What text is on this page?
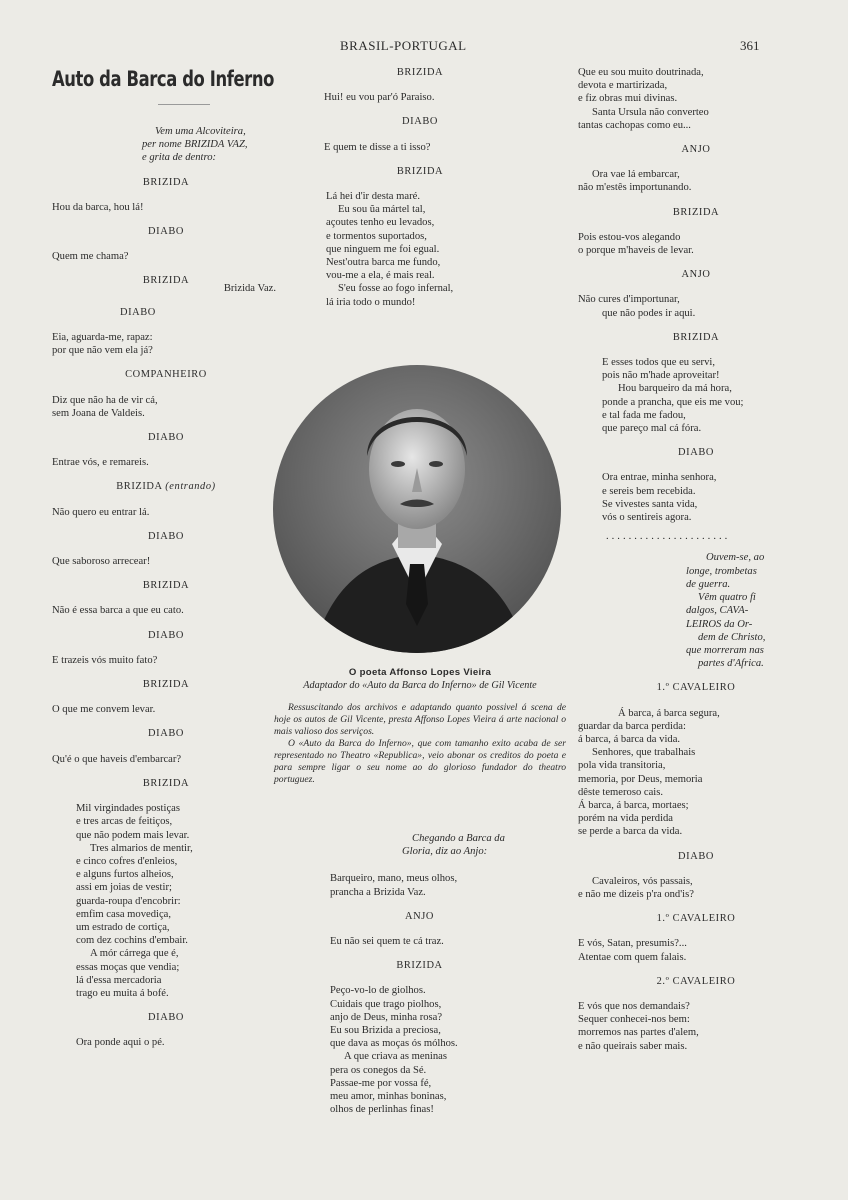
BRASIL-PORTUGAL	361
Auto da Barca do Inferno
Vem uma Alcoviteira,
per nome BRIZIDA VAZ,
e grita de dentro:
BRIZIDA
Hou da barca, hou lá!
DIABO
Quem me chama?
BRIZIDA
Brizida Vaz.
DIABO
Eia, aguarda-me, rapaz:
por que não vem ela já?
COMPANHEIRO
Diz que não ha de vir cá,
sem Joana de Valdeis.
DIABO
Entrae vós, e remareis.
BRIZIDA (entrando)
Não quero eu entrar lá.
DIABO
Que saboroso arrecear!
BRIZIDA
Não é essa barca a que eu cato.
DIABO
E trazeis vós muito fato?
BRIZIDA
O que me convem levar.
DIABO
Qu'é o que haveis d'embarcar?
BRIZIDA
Mil virgindades postiças
e tres arcas de feitiços,
que não podem mais levar.
Tres almarios de mentir,
e cinco cofres d'enleios,
e alguns furtos alheios,
assi em joias de vestir;
guarda-roupa d'encobrir:
emfim casa movediça,
um estrado de cortiça,
com dez cochins d'embair.
A mór cárrega que é,
essas moças que vendia;
lá d'essa mercadoria
trago eu muita á bofé.
DIABO
Ora ponde aqui o pé.
BRIZIDA
Hui! eu vou par'ó Paraiso.
DIABO
E quem te disse a ti isso?
BRIZIDA
Lá hei d'ir desta maré.
Eu sou ũa mártel tal,
açoutes tenho eu levados,
e tormentos suportados,
que ninguem me foi egual.
Nest'outra barca me fundo,
vou-me a ela, é mais real.
S'eu fosse ao fogo infernal,
lá iria todo o mundo!
O poeta Affonso Lopes Vieira
Adaptador do «Auto da Barca do Inferno» de Gil Vicente

Ressuscitando dos archivos e adaptando quanto possivel á scena de hoje os autos de Gil Vicente, presta Affonso Lopes Vieira á arte nacional o mais valioso dos serviços.

O «Auto da Barca do Inferno», que com tamanho exito acaba de ser representado no Theatro «Republica», veio abonar os creditos do poeta e para sempre ligar o seu nome ao do glorioso fundador do theatro portuguez.

Chegando a Barca da
Gloria, diz ao Anjo:
Barqueiro, mano, meus olhos,
prancha a Brizida Vaz.
ANJO
Eu não sei quem te cá traz.
BRIZIDA
Peço-vo-lo de giolhos.
Cuidais que trago piolhos,
anjo de Deus, minha rosa?
Eu sou Brizida a preciosa,
que dava as moças ós mólhos.
A que criava as meninas
pera os conegos da Sé.
Passae-me por vossa fé,
meu amor, minhas boninas,
olhos de perlinhas finas!
Que eu sou muito doutrinada,
devota e martirizada,
e fiz obras mui divinas.
Santa Ursula não converteo
tantas cachopas como eu...
ANJO
Ora vae lá embarcar,
não m'estês importunando.
BRIZIDA
Pois estou-vos alegando
o porque m'haveis de levar.
ANJO
Não cures d'importunar,
que não podes ir aqui.
BRIZIDA
E esses todos que eu servi,
pois não m'hade aproveitar!
Hou barqueiro da má hora,
ponde a prancha, que eis me vou;
e tal fada me fadou,
que pareço mal cá fóra.
DIABO
Ora entrae, minha senhora,
e sereis bem recebida.
Se vivestes santa vida,
vós o sentireis agora.
......................
Ouvem-se, ao
longe, trombetas
de guerra.
Vêm quatro fi
dalgos, CAVA-
LEIROS da Or-
dem de Christo,
que morreram nas
partes d'Africa.
1.º CAVALEIRO
Á barca, á barca segura,
guardar da barca perdida:
á barca, á barca da vida.
Senhores, que trabalhais
pola vida transitoria,
memoria, por Deus, memoria
dêste temeroso cais.
Á barca, á barca, mortaes;
porém na vida perdida
se perde a barca da vida.
DIABO
Cavaleiros, vós passais,
e não me dizeis p'ra ond'is?
1.º CAVALEIRO
E vós, Satan, presumis?...
Atentae com quem falais.
2.º CAVALEIRO
E vós que nos demandais?
Sequer conhecei-nos bem:
morremos nas partes d'alem,
e não queirais saber mais.
